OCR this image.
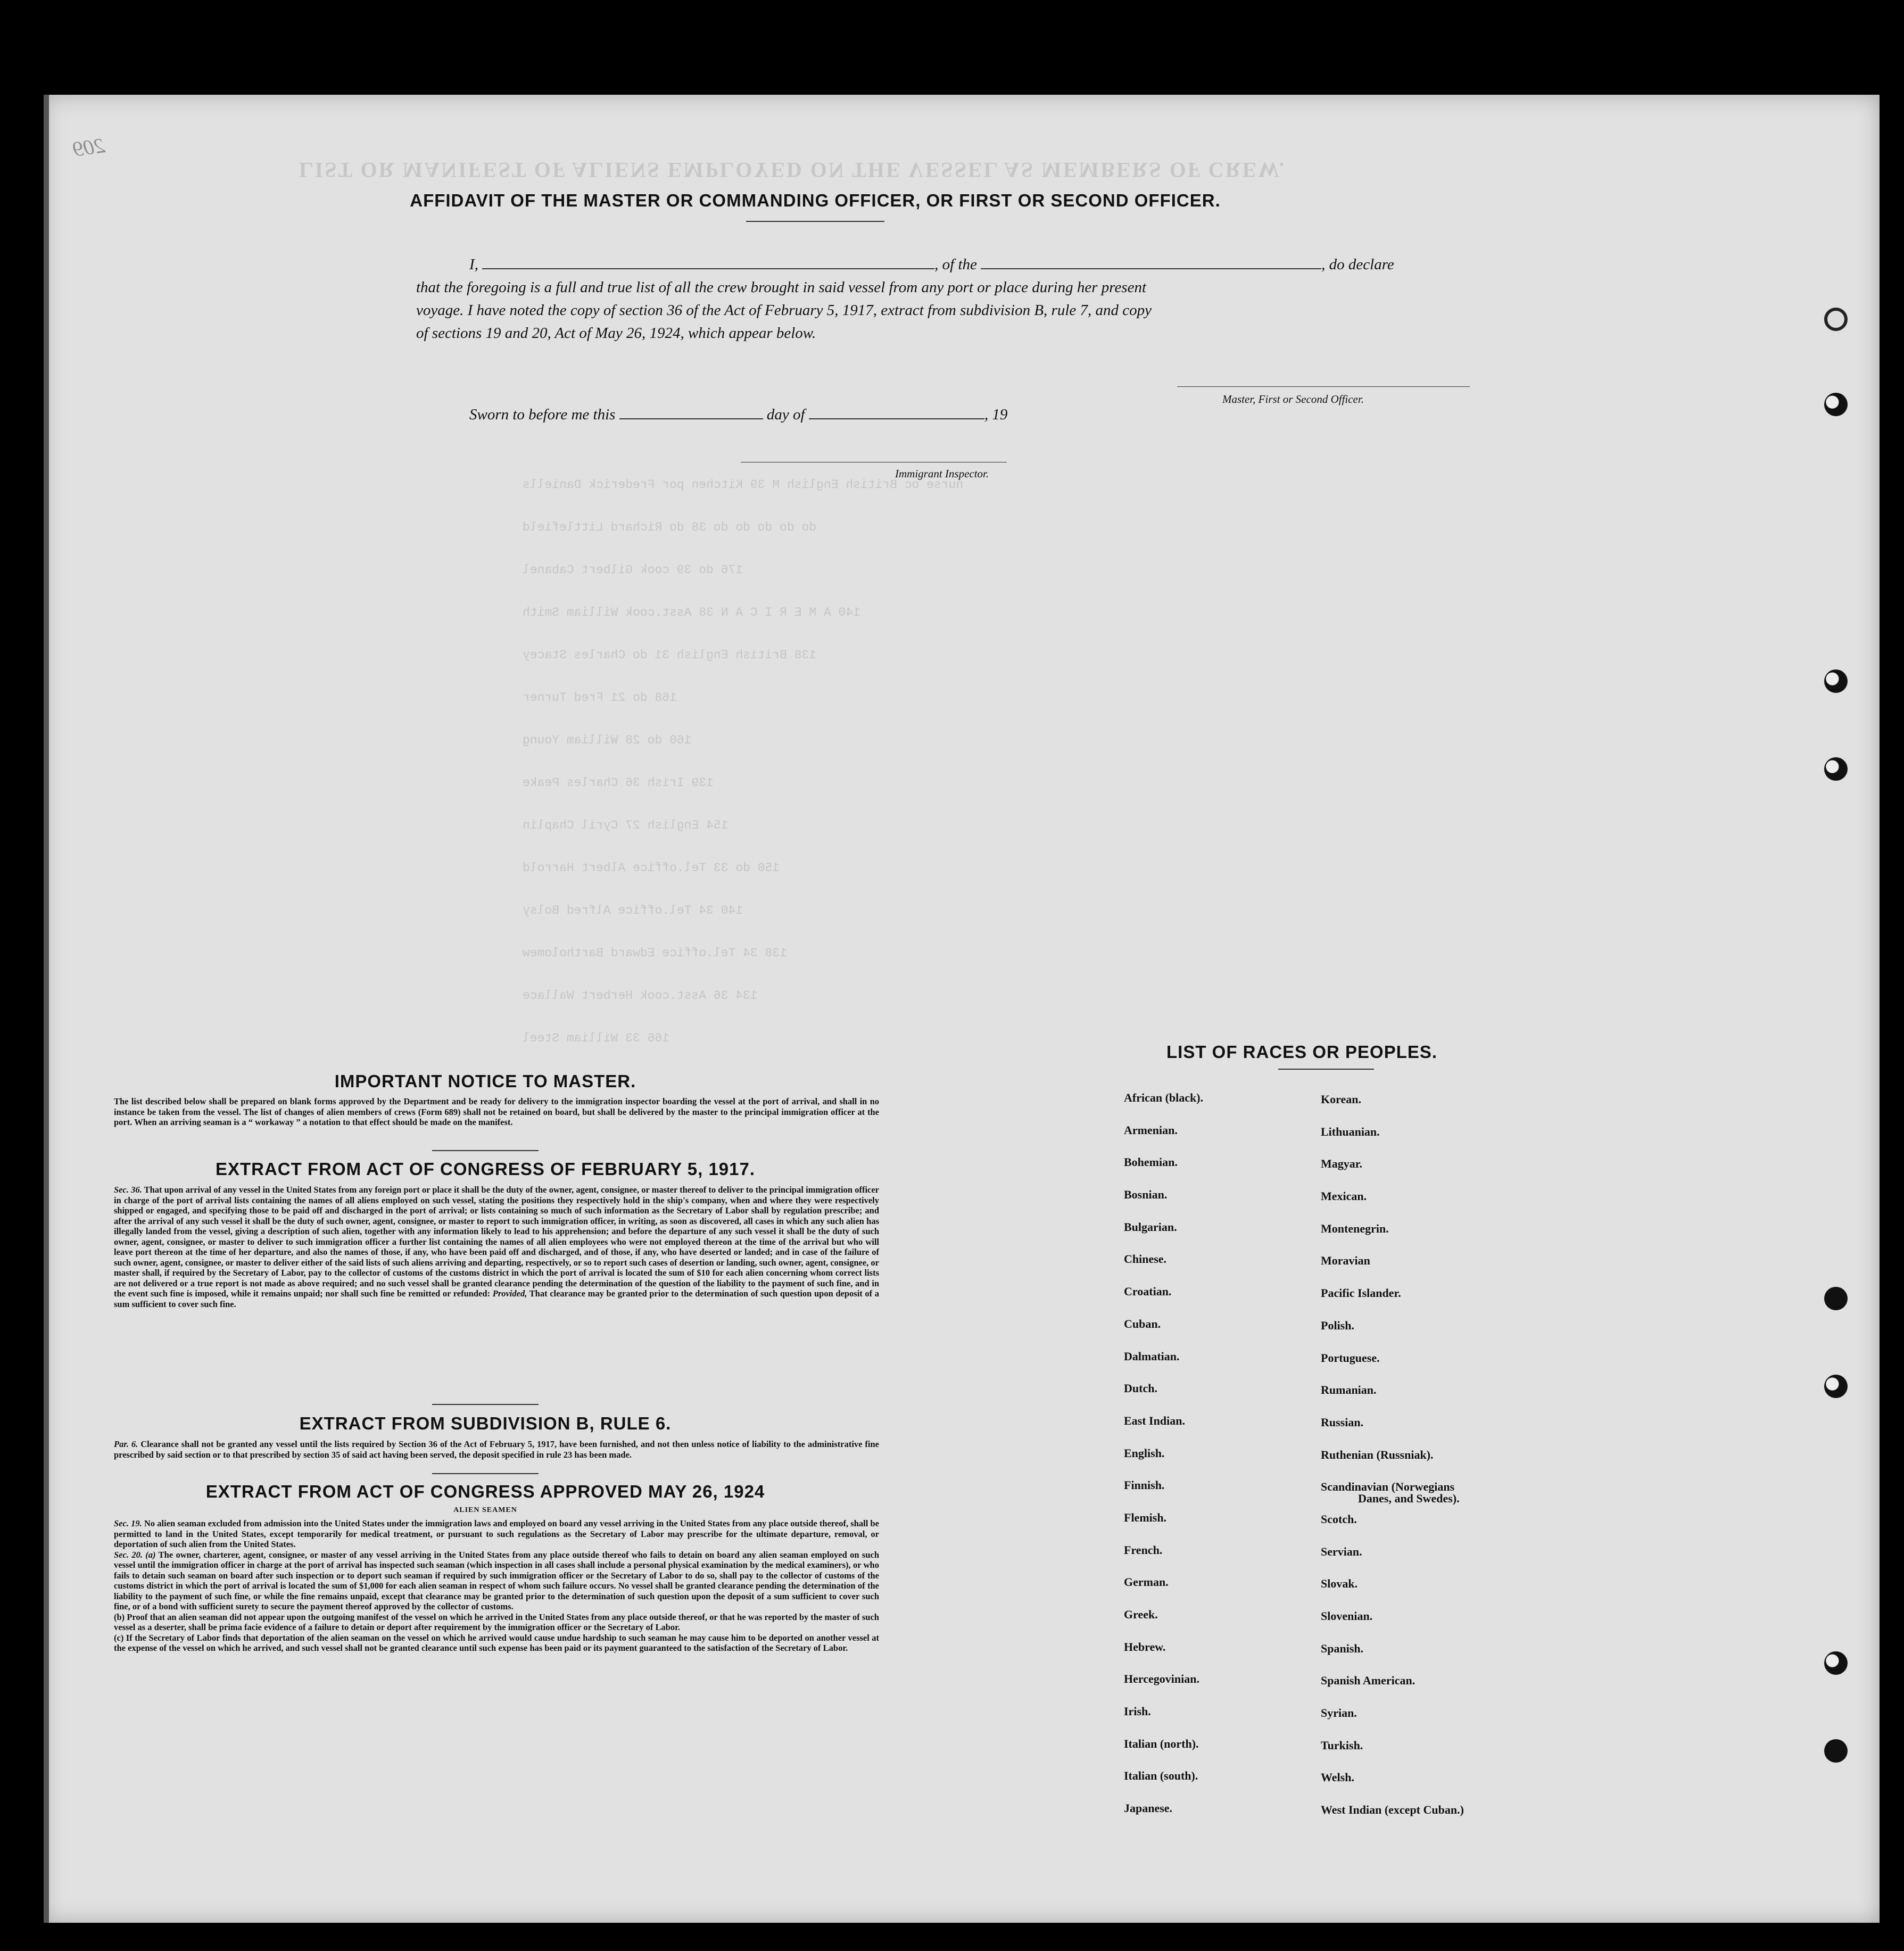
LIST OR MANIFEST OF ALIENS EMPLOYED ON THE VESSEL AS MEMBERS OF CREW.
nurse oc British English M 39 Kitchen por Frederick Daniells
do do do do do 38 do Richard Littlefield
176 do 39 cook Gilbert Cabanel
140 A M E R I C A N 38 Asst.cook William Smith
138 British English 31 do Charles Stacey
168 do 21 Fred Turner
160 do 28 William Young
139 Irish 36 Charles Peake
154 English 27 Cyril Chaplin
150 do 33 Tel.office Albert Harrold
140 34 Tel.office Alfred Bolsy
138 34 Tel.office Edward Bartholomew
134 36 Asst.cook Herbert Wallace
166 33 William Steel
209
AFFIDAVIT OF THE MASTER OR COMMANDING OFFICER, OR FIRST OR SECOND OFFICER.
I,	, of the	, do declare
that the foregoing is a full and true list of all the crew brought in said vessel from any port or place during her present
voyage. I have noted the copy of section 36 of the Act of February 5, 1917, extract from subdivision B, rule 7, and copy
of sections 19 and 20, Act of May 26, 1924, which appear below.
Master, First or Second Officer.
Sworn to before me this	day of	, 19
Immigrant Inspector.
IMPORTANT NOTICE TO MASTER.
The list described below shall be prepared on blank forms approved by the Department and be ready for delivery to the immigration inspector boarding the vessel at the port of arrival, and shall in no instance be taken from the vessel. The list of changes of alien members of crews (Form 689) shall not be retained on board, but shall be delivered by the master to the principal immigration officer at the port. When an arriving seaman is a “ workaway ” a notation to that effect should be made on the manifest.
EXTRACT FROM ACT OF CONGRESS OF FEBRUARY 5, 1917.
Sec. 36. That upon arrival of any vessel in the United States from any foreign port or place it shall be the duty of the owner, agent, consignee, or master thereof to deliver to the principal immigration officer in charge of the port of arrival lists containing the names of all aliens employed on such vessel, stating the positions they respectively hold in the ship's company, when and where they were respectively shipped or engaged, and specifying those to be paid off and discharged in the port of arrival; or lists containing so much of such information as the Secretary of Labor shall by regulation prescribe; and after the arrival of any such vessel it shall be the duty of such owner, agent, consignee, or master to report to such immigration officer, in writing, as soon as discovered, all cases in which any such alien has illegally landed from the vessel, giving a description of such alien, together with any information likely to lead to his apprehension; and before the departure of any such vessel it shall be the duty of such owner, agent, consignee, or master to deliver to such immigration officer a further list containing the names of all alien employees who were not employed thereon at the time of the arrival but who will leave port thereon at the time of her departure, and also the names of those, if any, who have been paid off and discharged, and of those, if any, who have deserted or landed; and in case of the failure of such owner, agent, consignee, or master to deliver either of the said lists of such aliens arriving and departing, respectively, or so to report such cases of desertion or landing, such owner, agent, consignee, or master shall, if required by the Secretary of Labor, pay to the collector of customs of the customs district in which the port of arrival is located the sum of $10 for each alien concerning whom correct lists are not delivered or a true report is not made as above required; and no such vessel shall be granted clearance pending the determination of the question of the liability to the payment of such fine, and in the event such fine is imposed, while it remains unpaid; nor shall such fine be remitted or refunded: Provided, That clearance may be granted prior to the determination of such question upon deposit of a sum sufficient to cover such fine.
EXTRACT FROM SUBDIVISION B, RULE 6.
Par. 6. Clearance shall not be granted any vessel until the lists required by Section 36 of the Act of February 5, 1917, have been furnished, and not then unless notice of liability to the administrative fine prescribed by said section or to that prescribed by section 35 of said act having been served, the deposit specified in rule 23 has been made.
EXTRACT FROM ACT OF CONGRESS APPROVED MAY 26, 1924
ALIEN SEAMEN
Sec. 19. No alien seaman excluded from admission into the United States under the immigration laws and employed on board any vessel arriving in the United States from any place outside thereof, shall be permitted to land in the United States, except temporarily for medical treatment, or pursuant to such regulations as the Secretary of Labor may prescribe for the ultimate departure, removal, or deportation of such alien from the United States.
Sec. 20. (a) The owner, charterer, agent, consignee, or master of any vessel arriving in the United States from any place outside thereof who fails to detain on board any alien seaman employed on such vessel until the immigration officer in charge at the port of arrival has inspected such seaman (which inspection in all cases shall include a personal physical examination by the medical examiners), or who fails to detain such seaman on board after such inspection or to deport such seaman if required by such immigration officer or the Secretary of Labor to do so, shall pay to the collector of customs of the customs district in which the port of arrival is located the sum of $1,000 for each alien seaman in respect of whom such failure occurs. No vessel shall be granted clearance pending the determination of the liability to the payment of such fine, or while the fine remains unpaid, except that clearance may be granted prior to the determination of such question upon the deposit of a sum sufficient to cover such fine, or of a bond with sufficient surety to secure the payment thereof approved by the collector of customs.
(b) Proof that an alien seaman did not appear upon the outgoing manifest of the vessel on which he arrived in the United States from any place outside thereof, or that he was reported by the master of such vessel as a deserter, shall be prima facie evidence of a failure to detain or deport after requirement by the immigration officer or the Secretary of Labor.
(c) If the Secretary of Labor finds that deportation of the alien seaman on the vessel on which he arrived would cause undue hardship to such seaman he may cause him to be deported on another vessel at the expense of the vessel on which he arrived, and such vessel shall not be granted clearance until such expense has been paid or its payment guaranteed to the satisfaction of the Secretary of Labor.
LIST OF RACES OR PEOPLES.
African (black).
Armenian.
Bohemian.
Bosnian.
Bulgarian.
Chinese.
Croatian.
Cuban.
Dalmatian.
Dutch.
East Indian.
English.
Finnish.
Flemish.
French.
German.
Greek.
Hebrew.
Hercegovinian.
Irish.
Italian (north).
Italian (south).
Japanese.
Korean.
Lithuanian.
Magyar.
Mexican.
Montenegrin.
Moravian
Pacific Islander.
Polish.
Portuguese.
Rumanian.
Russian.
Ruthenian (Russniak).
Scandinavian (Norwegians
Danes, and Swedes).
Scotch.
Servian.
Slovak.
Slovenian.
Spanish.
Spanish American.
Syrian.
Turkish.
Welsh.
West Indian (except Cuban.)
